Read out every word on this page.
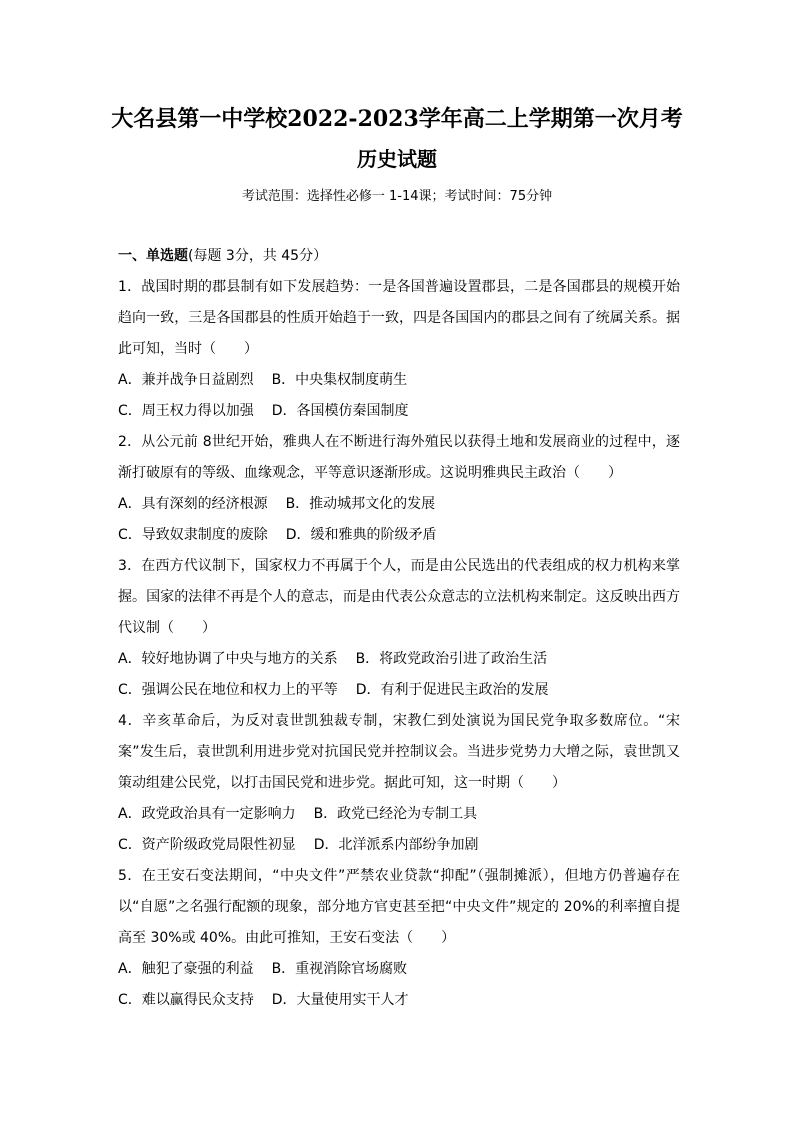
大名县第一中学校2022-2023学年高二上学期第一次月考
历史试题
考试范围：选择性必修一 1-14课；考试时间：75分钟
一、单选题(每题 3分，共 45分）
1．战国时期的郡县制有如下发展趋势：一是各国普遍设置郡县，二是各国郡县的规模开始趋向一致，三是各国郡县的性质开始趋于一致，四是各国国内的郡县之间有了统属关系。据此可知，当时（　　）
A．兼并战争日益剧烈 B．中央集权制度萌生
C．周王权力得以加强 D．各国模仿秦国制度
2．从公元前 8世纪开始，雅典人在不断进行海外殖民以获得土地和发展商业的过程中，逐渐打破原有的等级、血缘观念，平等意识逐渐形成。这说明雅典民主政治（　　）
A．具有深刻的经济根源 B．推动城邦文化的发展
C．导致奴隶制度的废除 D．缓和雅典的阶级矛盾
3．在西方代议制下，国家权力不再属于个人，而是由公民选出的代表组成的权力机构来掌握。国家的法律不再是个人的意志，而是由代表公众意志的立法机构来制定。这反映出西方代议制（　　）
A．较好地协调了中央与地方的关系 B．将政党政治引进了政治生活
C．强调公民在地位和权力上的平等 D．有利于促进民主政治的发展
4．辛亥革命后，为反对袁世凯独裁专制，宋教仁到处演说为国民党争取多数席位。“宋案”发生后，袁世凯利用进步党对抗国民党并控制议会。当进步党势力大增之际，袁世凯又策动组建公民党，以打击国民党和进步党。据此可知，这一时期（　　）
A．政党政治具有一定影响力 B．政党已经沦为专制工具
C．资产阶级政党局限性初显 D．北洋派系内部纷争加剧
5．在王安石变法期间，“中央文件”严禁农业贷款“抑配”（强制摊派），但地方仍普遍存在以“自愿”之名强行配额的现象，部分地方官吏甚至把“中央文件”规定的 20%的利率擅自提高至 30%或 40%。由此可推知，王安石变法（　　）
A．触犯了豪强的利益 B．重视消除官场腐败
C．难以赢得民众支持 D．大量使用实干人才
